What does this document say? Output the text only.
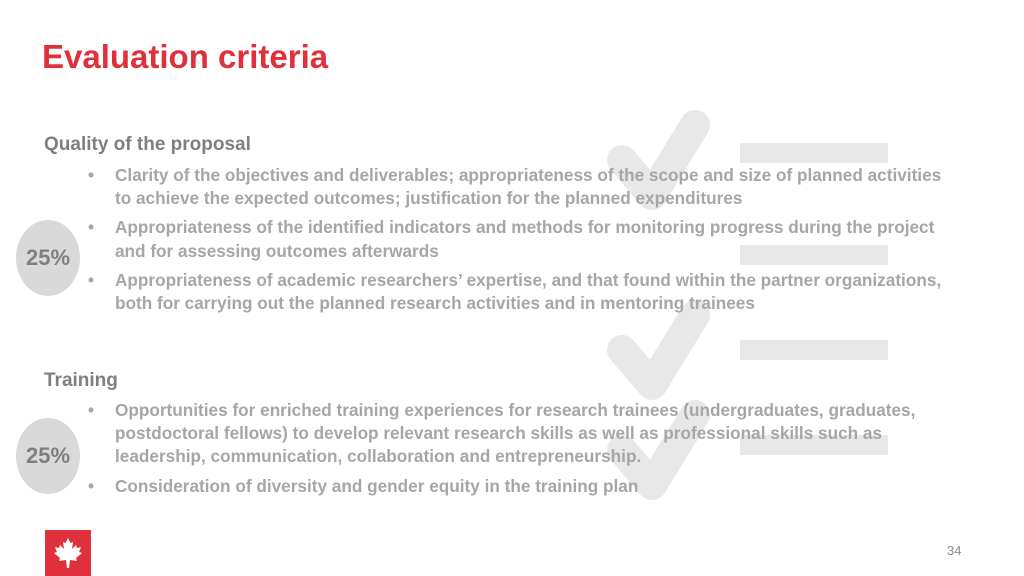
Evaluation criteria
Quality of the proposal
25%
• Clarity of the objectives and deliverables; appropriateness of the scope and size of planned activities to achieve the expected outcomes; justification for the planned expenditures
• Appropriateness of the identified indicators and methods for monitoring progress during the project and for assessing outcomes afterwards
• Appropriateness of academic researchers’ expertise, and that found within the partner organizations, both for carrying out the planned research activities and in mentoring trainees
Training
25%
• Opportunities for enriched training experiences for research trainees (undergraduates, graduates, postdoctoral fellows) to develop relevant research skills as well as professional skills such as leadership, communication, collaboration and entrepreneurship.
• Consideration of diversity and gender equity in the training plan
34
